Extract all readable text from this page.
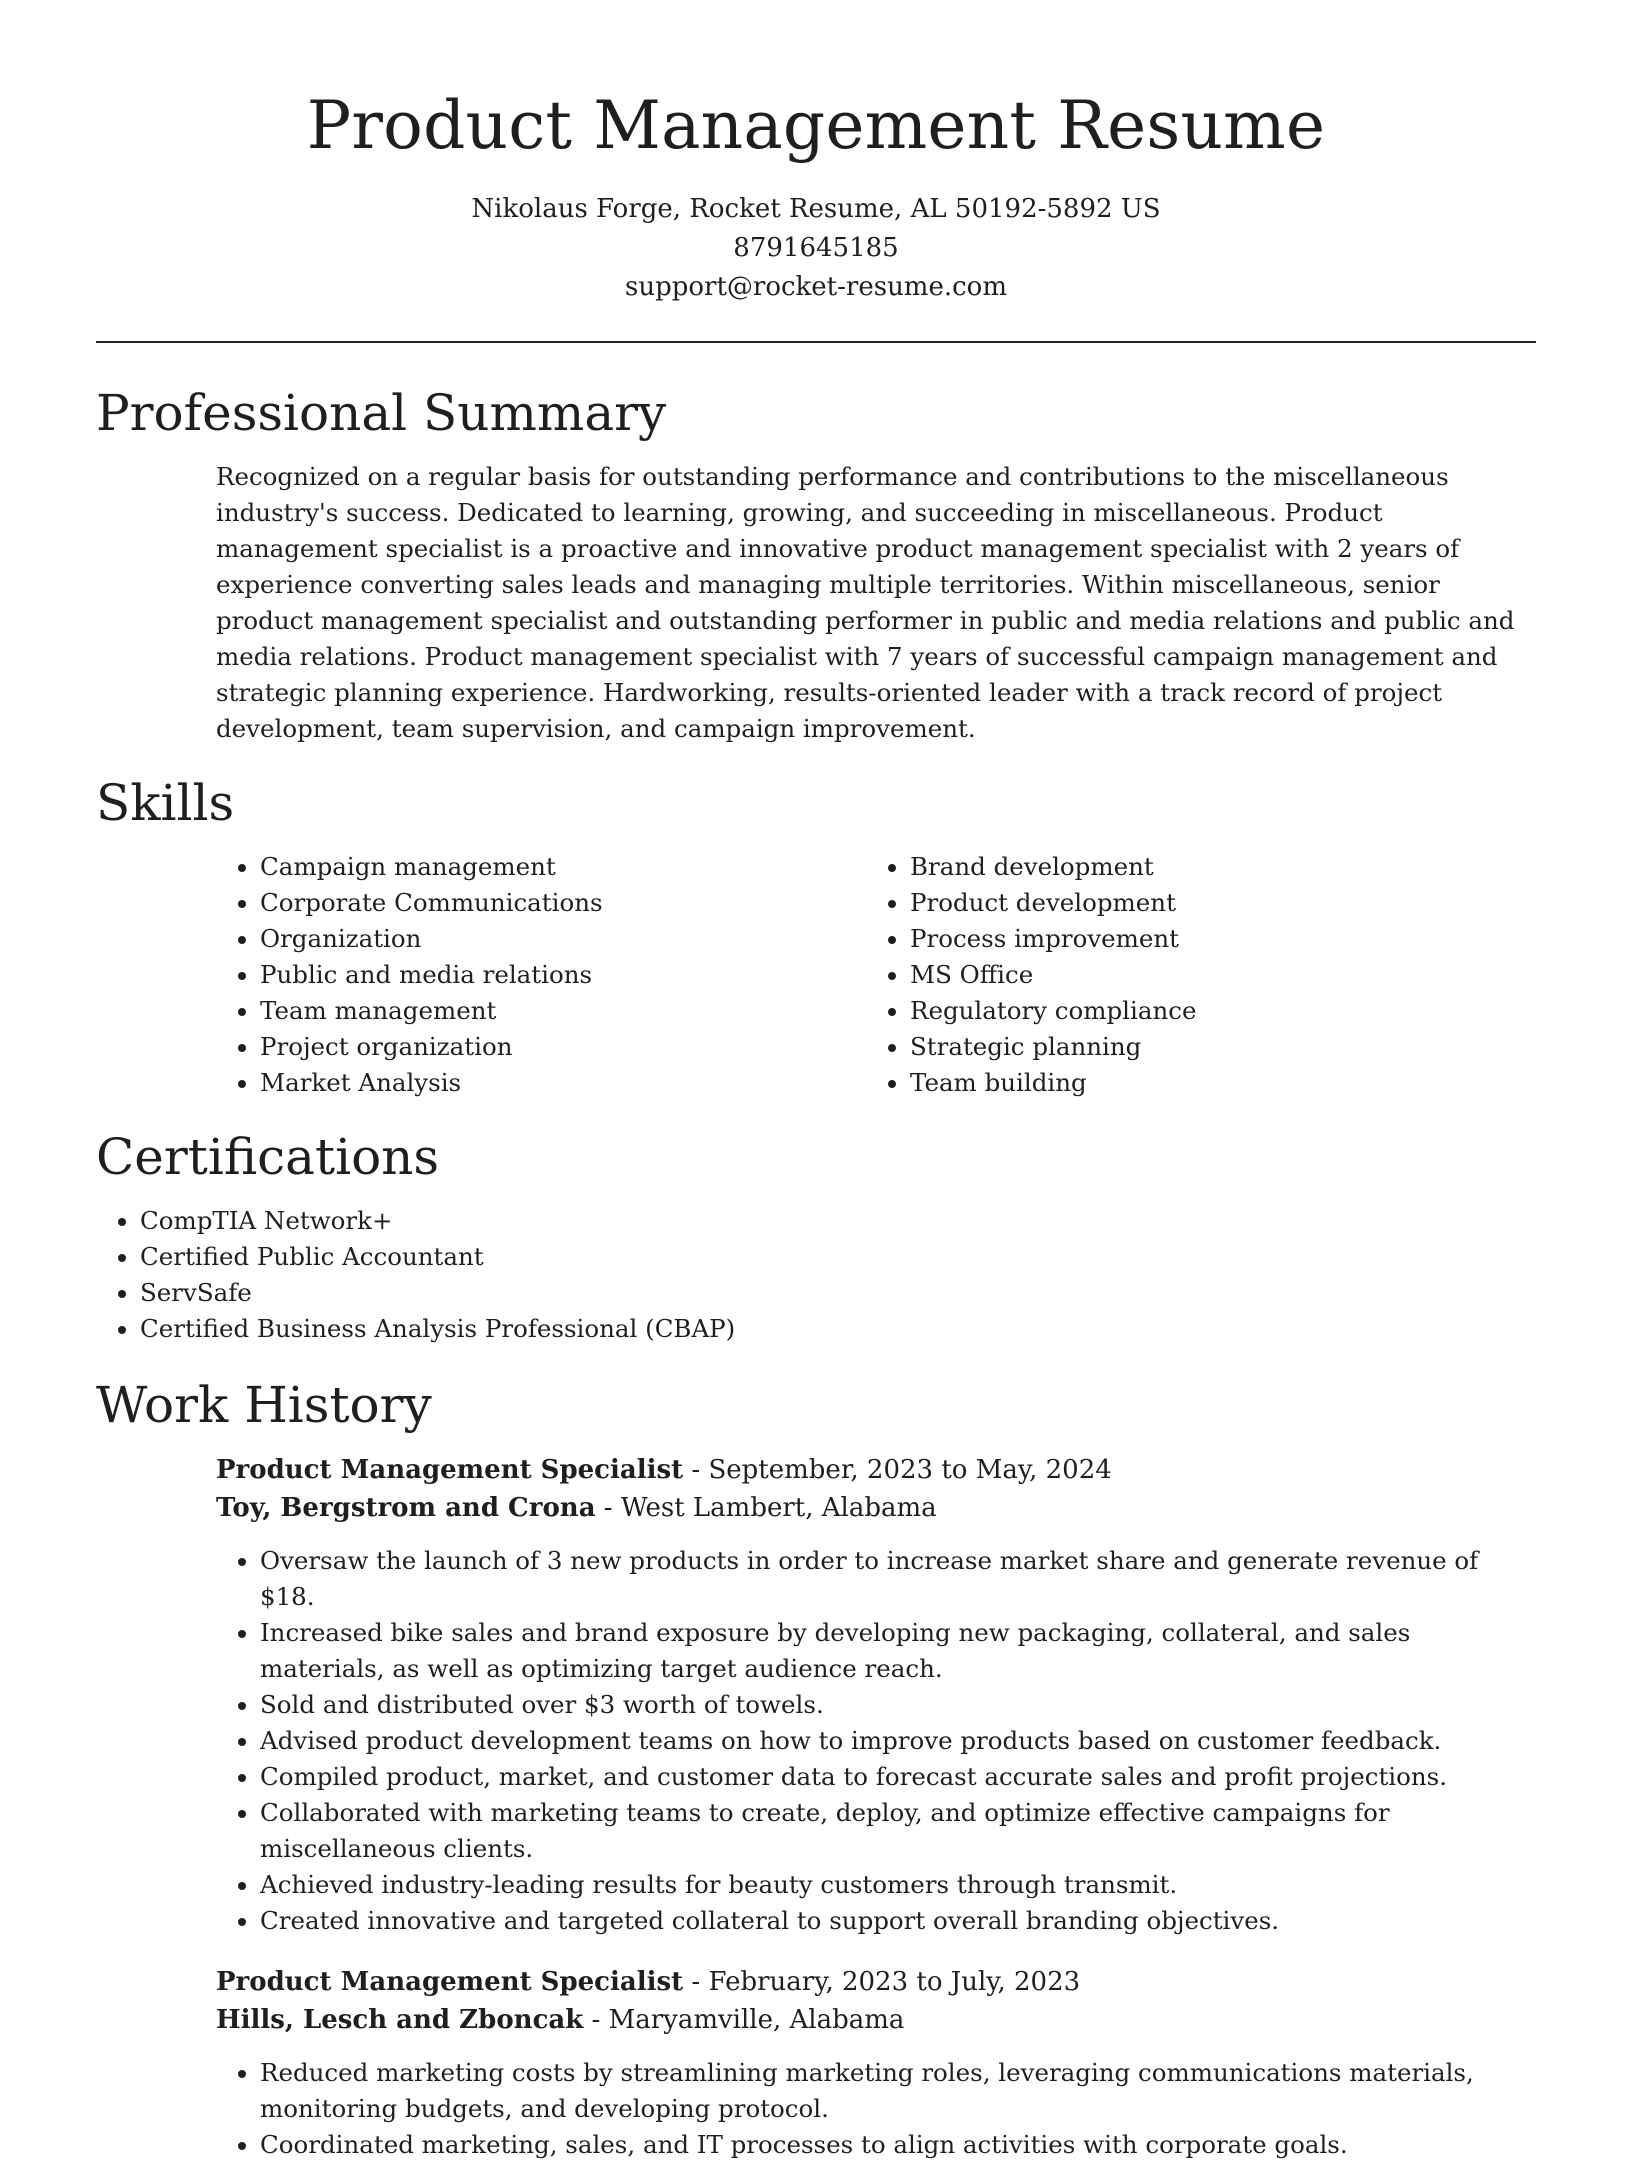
Product Management Resume
Nikolaus Forge, Rocket Resume, AL 50192-5892 US
8791645185
support@rocket-resume.com
Professional Summary

Recognized on a regular basis for outstanding performance and contributions to the miscellaneous industry's success. Dedicated to learning, growing, and succeeding in miscellaneous. Product management specialist is a proactive and innovative product management specialist with 2 years of experience converting sales leads and managing multiple territories. Within miscellaneous, senior product management specialist and outstanding performer in public and media relations and public and media relations. Product management specialist with 7 years of successful campaign management and strategic planning experience. Hardworking, results-oriented leader with a track record of project development, team supervision, and campaign improvement.

Skills
• Campaign management
• Corporate Communications
• Organization
• Public and media relations
• Team management
• Project organization
• Market Analysis
• Brand development
• Product development
• Process improvement
• MS Office
• Regulatory compliance
• Strategic planning
• Team building
Certifications
• CompTIA Network+
• Certified Public Accountant
• ServSafe
• Certified Business Analysis Professional (CBAP)
Work History
Product Management Specialist - September, 2023 to May, 2024
Toy, Bergstrom and Crona - West Lambert, Alabama
• Oversaw the launch of 3 new products in order to increase market share and generate revenue of $18.
• Increased bike sales and brand exposure by developing new packaging, collateral, and sales materials, as well as optimizing target audience reach.
• Sold and distributed over $3 worth of towels.
• Advised product development teams on how to improve products based on customer feedback.
• Compiled product, market, and customer data to forecast accurate sales and profit projections.
• Collaborated with marketing teams to create, deploy, and optimize effective campaigns for miscellaneous clients.
• Achieved industry-leading results for beauty customers through transmit.
• Created innovative and targeted collateral to support overall branding objectives.
Product Management Specialist - February, 2023 to July, 2023
Hills, Lesch and Zboncak - Maryamville, Alabama
• Reduced marketing costs by streamlining marketing roles, leveraging communications materials, monitoring budgets, and developing protocol.
• Coordinated marketing, sales, and IT processes to align activities with corporate goals.
